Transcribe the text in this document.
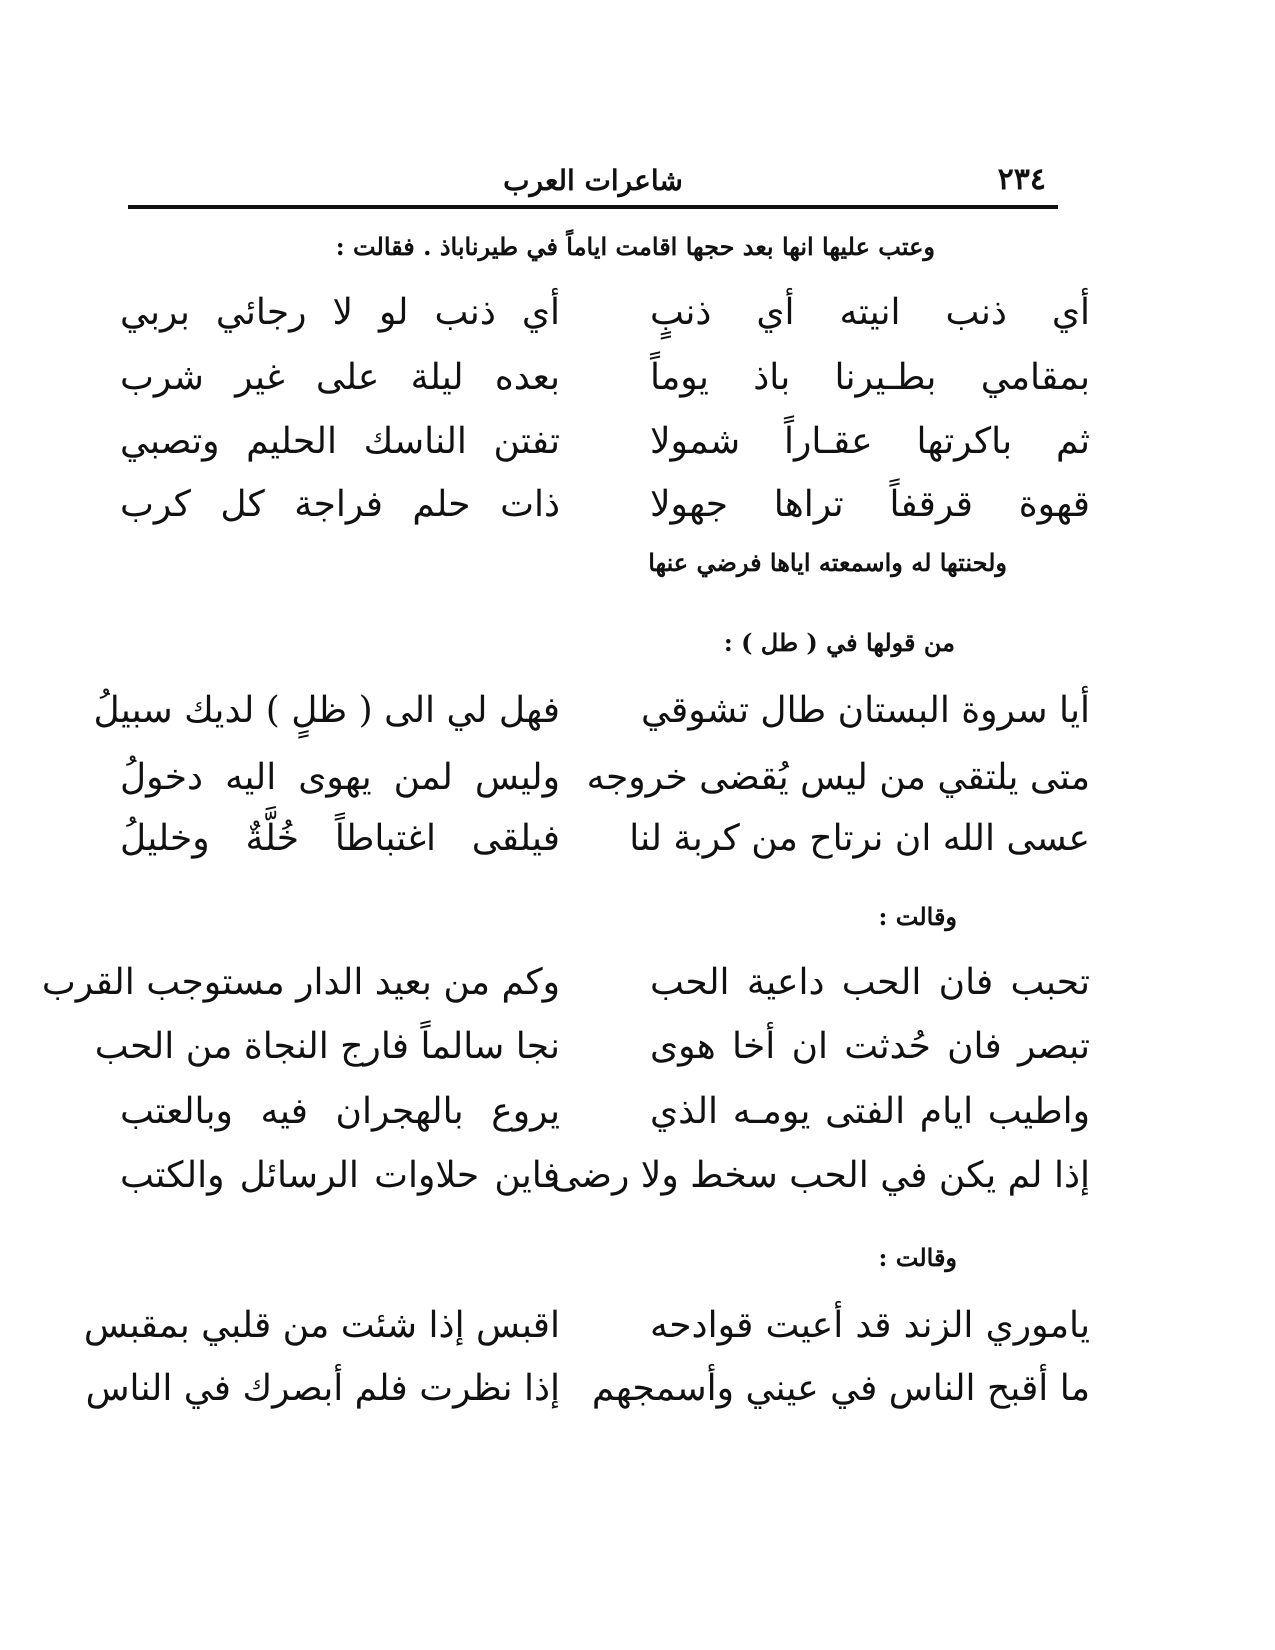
٢٣٤
شاعرات العرب
وعتب عليها انها بعد حجها اقامت اياماً في طيرناباذ . فقالت :
أي ذنب انيته أي ذنبٍ
أي ذنب لو لا رجائي بربي
بمقامي بطـيرنا باذ يوماً
بعده ليلة على غير شرب
ثم باكرتها عقـاراً شمولا
تفتن الناسك الحليم وتصبي
قهوة قرقفاً تراها جهولا
ذات حلم فراجة كل كرب
ولحنتها له واسمعته اياها فرضي عنها
من قولها في ( طل ) :
أيا سروة البستان طال تشوقي
فهل لي الى ( ظلٍ ) لديك سبيلُ
متى يلتقي من ليس يُقضى خروجه
وليس لمن يهوى اليه دخولُ
عسى الله ان نرتاح من كربة لنا
فيلقى اغتباطاً خُلَّةٌ وخليلُ
وقالت :
تحبب فان الحب داعية الحب
وكم من بعيد الدار مستوجب القرب
تبصر فان حُدثت ان أخا هوى
نجا سالماً فارج النجاة من الحب
واطيب ايام الفتى يومـه الذي
يروع بالهجران فيه وبالعتب
إذا لم يكن في الحب سخط ولا رضى
فاين حلاوات الرسائل والكتب
وقالت :
ياموري الزند قد أعيت قوادحه
اقبس إذا شئت من قلبي بمقبس
ما أقبح الناس في عيني وأسمجهم
إذا نظرت فلم أبصرك في الناس
